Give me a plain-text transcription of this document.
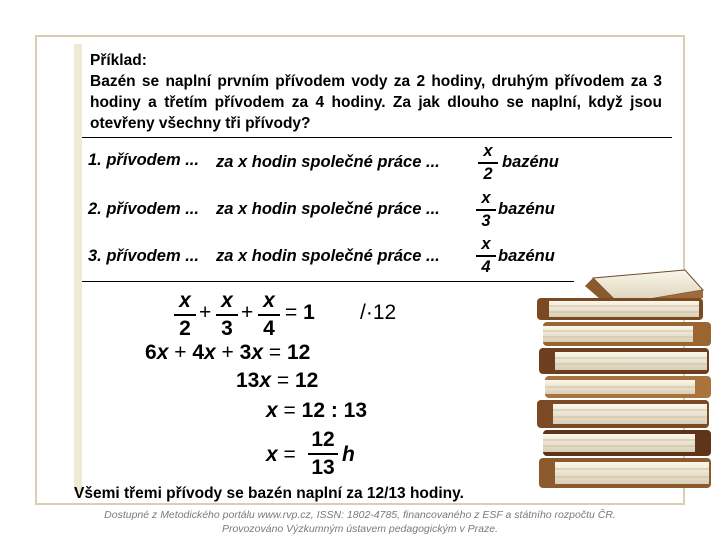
Příklad:
Bazén se naplní prvním přívodem vody za 2 hodiny, druhým přívodem za 3 hodiny a třetím přívodem za 4 hodiny. Za jak dlouho se naplní, když jsou otevřeny všechny tři přívody?
1. přívodem ... za x hodin společné práce ...
x
2
bazénu
2. přívodem ... za x hodin společné práce ...
x
3
bazénu
3. přívodem ... za x hodin společné práce ...
x
4
bazénu
x
2
+
x
3
+
x
4
= 1 /·12
6x + 4x + 3x = 12
13x = 12
x = 12 : 13
x =
12
13
h
Všemi třemi přívody se bazén naplní za 12/13 hodiny.
Dostupné z Metodického portálu www.rvp.cz, ISSN: 1802-4785, financovaného z ESF a státního rozpočtu ČR.
Provozováno Výzkumným ústavem pedagogickým v Praze.
